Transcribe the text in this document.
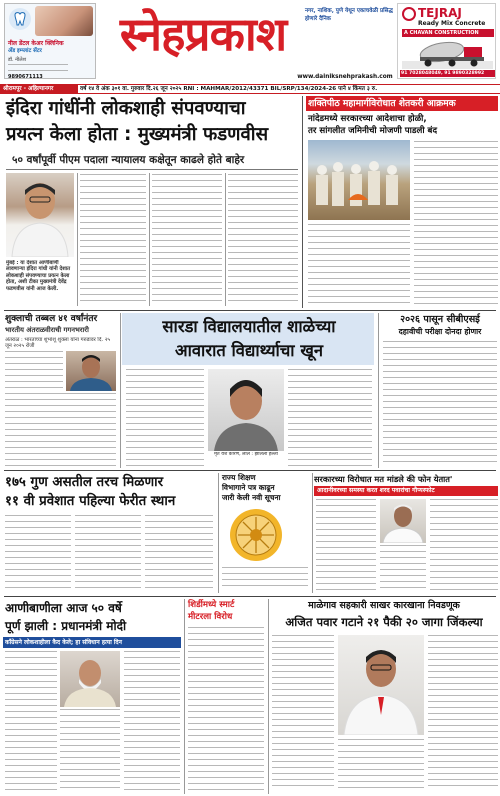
नील डेंटल केअर क्लिनिक
ॲंड इम्प्लांट सेंटर
डॉ. नीलेश
9890671113
स्नेहप्रकाश	नगर, नाशिक, पुणे येथून एकाचवेळी प्रसिद्ध होणारे दैनिक
www.dainiksnehprakash.com
TEJRAJ
Ready Mix Concrete
A CHAVAN CONSTRUCTION
91 7028048049, 91 9890328992
श्रीरामपूर - अहिल्यानगर	वर्ष १४ वे अंक ३०१ वा. गुरुवार दि.२६ जून २०२५ RNI : MAHMAR/2012/43371 BIL/SRP/134/2024-26 पाने ४ किंमत ३ रु.
इंदिरा गांधींनी लोकशाही संपवण्याचा
प्रयत्न केला होता : मुख्यमंत्री फडणवीस
५० वर्षांपूर्वी पीएम पदाला न्यायालय कक्षेतून काढले होते बाहेर
मुंबई : या देशात आणीबाणी लावणाऱ्या इंदिरा गांधी यांनी देशात लोकशाही संपवण्याचा प्रयत्न केला होता, अशी टीका मुख्यमंत्री देवेंद्र फडणवीस यांनी आज केली.
शक्तिपीठ महामार्गविरोधात शेतकरी आक्रमक
नांदेडमध्ये सरकारच्या आदेशाचा होळी,
तर सांगलीत जमिनीची मोजणी पाडली बंद
शुक्लाची तब्बल ४१ वर्षांनंतर
भारतीय अंतराळवीराची गगनभरारी
अंतराळ : भारताच्या शुभांशू शुक्ला यांना गरुडावर दि. २५ जून २०२५ रोजी
सारडा विद्यालयातील शाळेच्या
आवारात विद्यार्थ्याचा खून
मृत यश कारण, लाल : झालेला हल्ला
२०२६ पासून सीबीएसई
दहावीची परीक्षा दोनदा होणार
१७५ गुण असतील तरच मिळणार
११ वी प्रवेशात पहिल्या फेरीत स्थान
राज्य शिक्षण
विभागाने पत्र काढून
जारी केली नवी सूचना
सरकारच्या विरोधात मत मांडले की फोन येतात'
आदानीवरच्या समस्या करत शरद पवारांचा गौप्यस्फोट
आणीबाणीला आज ५० वर्षे
पूर्ण झाली : प्रधानमंत्री मोदी
काँग्रेसने लोकशाहीला कैद केले; हा संविधान हत्या दिन
शिर्डीमध्ये स्मार्ट
मीटरला विरोध
माळेगाव सहकारी साखर कारखाना निवडणूक
अजित पवार गटाने २१ पैकी २० जागा जिंकल्या
